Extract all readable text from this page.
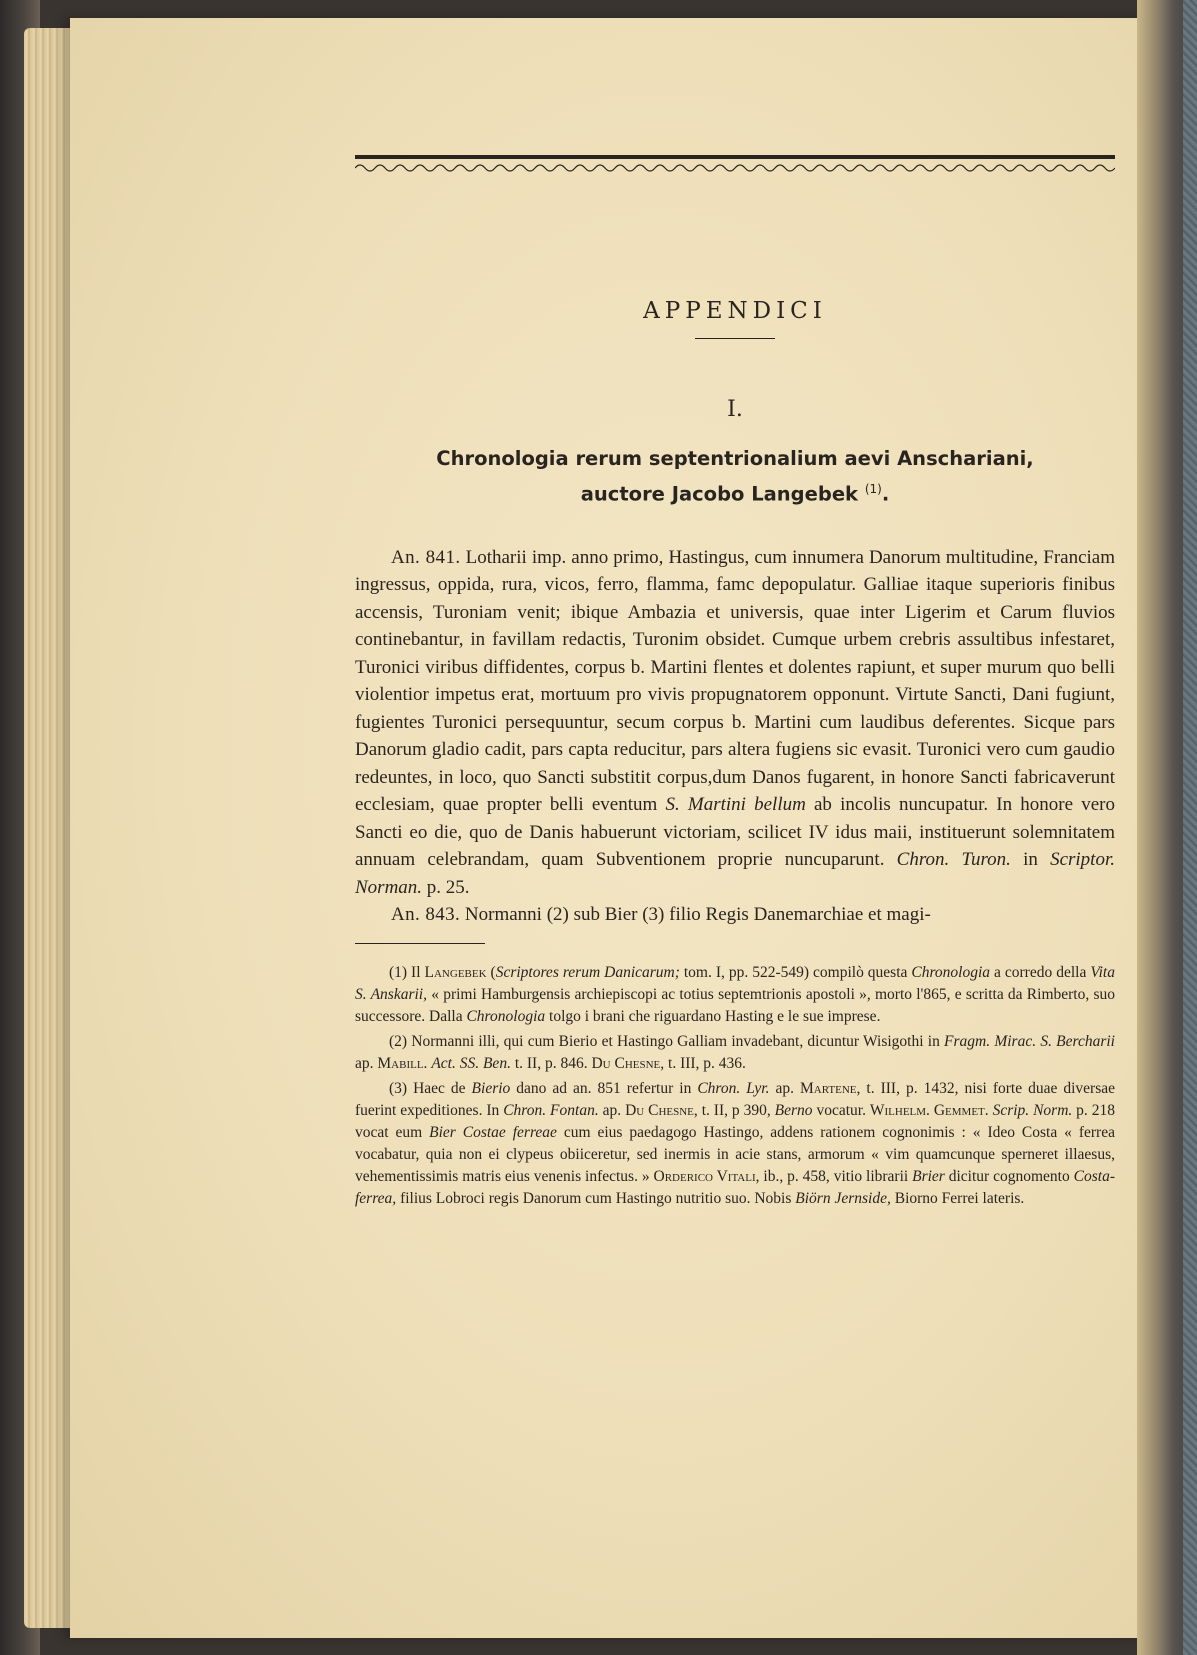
APPENDICI
I.
Chronologia rerum septentrionalium aevi Anschariani,
auctore Jacobo Langebek $^{(1)}$.

An. 841. Lotharii imp. anno primo, Hastingus, cum innumera Danorum multitudine, Franciam ingressus, oppida, rura, vicos, ferro, flamma, famc depopulatur. Galliae itaque superioris finibus accensis, Turoniam venit; ibique Ambazia et universis, quae inter Ligerim et Carum fluvios continebantur, in favillam redactis, Turonim obsidet. Cumque urbem crebris assultibus infestaret, Turonici viribus diffidentes, corpus b. Martini flentes et dolentes rapiunt, et super murum quo belli violentior impetus erat, mortuum pro vivis propugnatorem opponunt. Virtute Sancti, Dani fugiunt, fugientes Turonici persequuntur, secum corpus b. Martini cum laudibus deferentes. Sicque pars Danorum gladio cadit, pars capta reducitur, pars altera fugiens sic evasit. Turonici vero cum gaudio redeuntes, in loco, quo Sancti substitit corpus,dum Danos fugarent, in honore Sancti fabricaverunt ecclesiam, quae propter belli eventum S. Martini bellum ab incolis nuncupatur. In honore vero Sancti eo die, quo de Danis habuerunt victoriam, scilicet IV idus maii, instituerunt solemnitatem annuam celebrandam, quam Subventionem proprie nuncuparunt. Chron. Turon. in Scriptor. Norman. p. 25.

An. 843. Normanni (2) sub Bier (3) filio Regis Danemarchiae et magi-

(1) Il Langebek (Scriptores rerum Danicarum; tom. I, pp. 522-549) compilò questa Chronologia a corredo della Vita S. Anskarii, « primi Hamburgensis archiepiscopi ac totius septemtrionis apostoli », morto l'865, e scritta da Rimberto, suo successore. Dalla Chronologia tolgo i brani che riguardano Hasting e le sue imprese.

(2) Normanni illi, qui cum Bierio et Hastingo Galliam invadebant, dicuntur Wisigothi in Fragm. Mirac. S. Bercharii ap. Mabill. Act. SS. Ben. t. II, p. 846. Du Chesne, t. III, p. 436.

(3) Haec de Bierio dano ad an. 851 refertur in Chron. Lyr. ap. Martene, t. III, p. 1432, nisi forte duae diversae fuerint expeditiones. In Chron. Fontan. ap. Du Chesne, t. II, p 390, Berno vocatur. Wilhelm. Gemmet. Scrip. Norm. p. 218 vocat eum Bier Costae ferreae cum eius paedagogo Hastingo, addens rationem cognonimis : « Ideo Costa « ferrea vocabatur, quia non ei clypeus obiiceretur, sed inermis in acie stans, armorum « vim quamcunque sperneret illaesus, vehementissimis matris eius venenis infectus. » Orderico Vitali, ib., p. 458, vitio librarii Brier dicitur cognomento Costa-ferrea, filius Lobroci regis Danorum cum Hastingo nutritio suo. Nobis Biörn Jernside, Biorno Ferrei lateris.
